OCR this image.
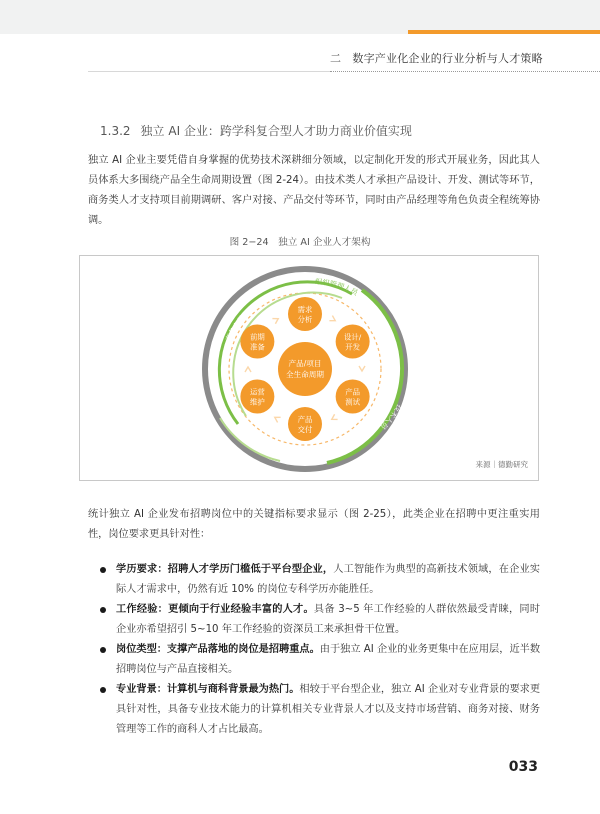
二　数字产业化企业的行业分析与人才策略
1.3.2 独立 AI 企业：跨学科复合型人才助力商业价值实现
独立 AI 企业主要凭借自身掌握的优势技术深耕细分领域，以定制化开发的形式开展业务，因此其人员体系大多围绕产品全生命周期设置（图 2-24）。由技术类人才承担产品设计、开发、测试等环节，商务类人才支持项目前期调研、客户对接、产品交付等环节，同时由产品经理等角色负责全程统筹协调。
图 2−24　独立 AI 企业人才架构
商务人员
组织管理人员
技术人员
需求
分析
设计/
开发
产品
测试
产品
交付
运营
维护
前期
准备
产品/项目
全生命周期
来源｜德勤研究
统计独立 AI 企业发布招聘岗位中的关键指标要求显示（图 2-25），此类企业在招聘中更注重实用性，岗位要求更具针对性：
学历要求：招聘人才学历门槛低于平台型企业，人工智能作为典型的高新技术领域，在企业实际人才需求中，仍然有近 10% 的岗位专科学历亦能胜任。
工作经验：更倾向于行业经验丰富的人才。具备 3~5 年工作经验的人群依然最受青睐，同时企业亦希望招引 5~10 年工作经验的资深员工来承担骨干位置。
岗位类型：支撑产品落地的岗位是招聘重点。由于独立 AI 企业的业务更集中在应用层，近半数招聘岗位与产品直接相关。
专业背景：计算机与商科背景最为热门。相较于平台型企业，独立 AI 企业对专业背景的要求更具针对性，具备专业技术能力的计算机相关专业背景人才以及支持市场营销、商务对接、财务管理等工作的商科人才占比最高。
033
